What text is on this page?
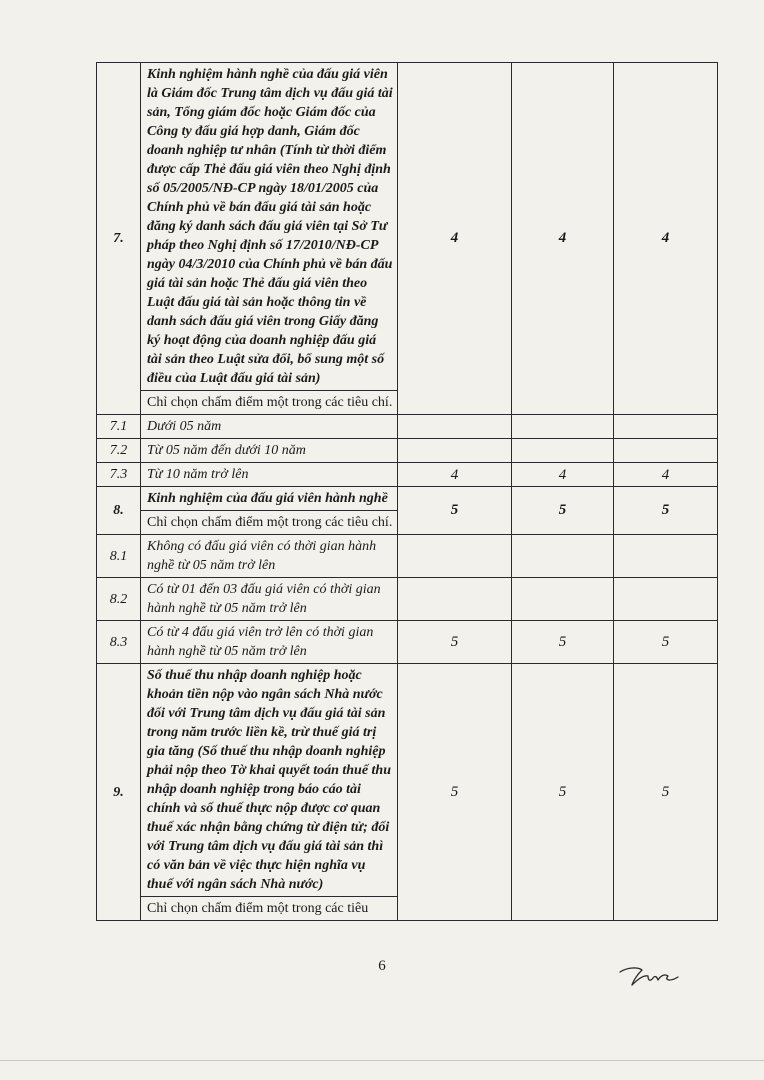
7.	Kinh nghiệm hành nghề của đấu giá viên là Giám đốc Trung tâm dịch vụ đấu giá tài sản, Tổng giám đốc hoặc Giám đốc của Công ty đấu giá hợp danh, Giám đốc doanh nghiệp tư nhân (Tính từ thời điểm được cấp Thẻ đấu giá viên theo Nghị định số 05/2005/NĐ-CP ngày 18/01/2005 của Chính phủ về bán đấu giá tài sản hoặc đăng ký danh sách đấu giá viên tại Sở Tư pháp theo Nghị định số 17/2010/NĐ-CP ngày 04/3/2010 của Chính phủ về bán đấu giá tài sản hoặc Thẻ đấu giá viên theo Luật đấu giá tài sản hoặc thông tin về danh sách đấu giá viên trong Giấy đăng ký hoạt động của doanh nghiệp đấu giá tài sản theo Luật sửa đổi, bổ sung một số điều của Luật đấu giá tài sản)
Chỉ chọn chấm điểm một trong các tiêu chí.	4	4	4
7.1	Dưới 05 năm			

7.2	Từ 05 năm đến dưới 10 năm			

7.3	Từ 10 năm trở lên	4	4	4
8.	Kinh nghiệm của đấu giá viên hành nghề
Chỉ chọn chấm điểm một trong các tiêu chí.	5	5	5
8.1	Không có đấu giá viên có thời gian hành nghề từ 05 năm trở lên			

8.2	Có từ 01 đến 03 đấu giá viên có thời gian hành nghề từ 05 năm trở lên			

8.3	Có từ 4 đấu giá viên trở lên có thời gian hành nghề từ 05 năm trở lên	5	5	5
9.	Số thuế thu nhập doanh nghiệp hoặc khoản tiền nộp vào ngân sách Nhà nước đối với Trung tâm dịch vụ đấu giá tài sản trong năm trước liền kề, trừ thuế giá trị gia tăng (Số thuế thu nhập doanh nghiệp phải nộp theo Tờ khai quyết toán thuế thu nhập doanh nghiệp trong báo cáo tài chính và số thuế thực nộp được cơ quan thuế xác nhận bằng chứng từ điện tử; đối với Trung tâm dịch vụ đấu giá tài sản thì có văn bản về việc thực hiện nghĩa vụ thuế với ngân sách Nhà nước)
Chỉ chọn chấm điểm một trong các tiêu	5	5	5
6
